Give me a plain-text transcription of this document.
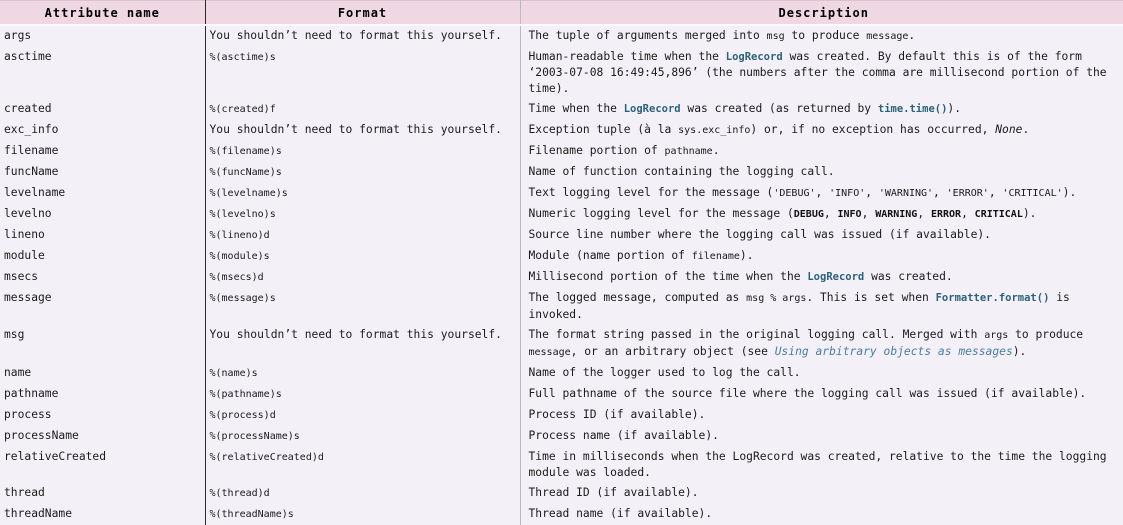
Attribute name	Format	Description
args	You shouldn’t need to format this yourself.	The tuple of arguments merged into msg to produce message.
asctime	%(asctime)s	Human-readable time when the LogRecord was created. By default this is of the form ‘2003-07-08 16:49:45,896’ (the numbers after the comma are millisecond portion of the time).
created	%(created)f	Time when the LogRecord was created (as returned by time.time()).
exc_info	You shouldn’t need to format this yourself.	Exception tuple (à la sys.exc_info) or, if no exception has occurred, None.
filename	%(filename)s	Filename portion of pathname.
funcName	%(funcName)s	Name of function containing the logging call.
levelname	%(levelname)s	Text logging level for the message ('DEBUG', 'INFO', 'WARNING', 'ERROR', 'CRITICAL').
levelno	%(levelno)s	Numeric logging level for the message (DEBUG, INFO, WARNING, ERROR, CRITICAL).
lineno	%(lineno)d	Source line number where the logging call was issued (if available).
module	%(module)s	Module (name portion of filename).
msecs	%(msecs)d	Millisecond portion of the time when the LogRecord was created.
message	%(message)s	The logged message, computed as msg % args. This is set when Formatter.format() is invoked.
msg	You shouldn’t need to format this yourself.	The format string passed in the original logging call. Merged with args to produce message, or an arbitrary object (see Using arbitrary objects as messages).
name	%(name)s	Name of the logger used to log the call.
pathname	%(pathname)s	Full pathname of the source file where the logging call was issued (if available).
process	%(process)d	Process ID (if available).
processName	%(processName)s	Process name (if available).
relativeCreated	%(relativeCreated)d	Time in milliseconds when the LogRecord was created, relative to the time the logging module was loaded.
thread	%(thread)d	Thread ID (if available).
threadName	%(threadName)s	Thread name (if available).
